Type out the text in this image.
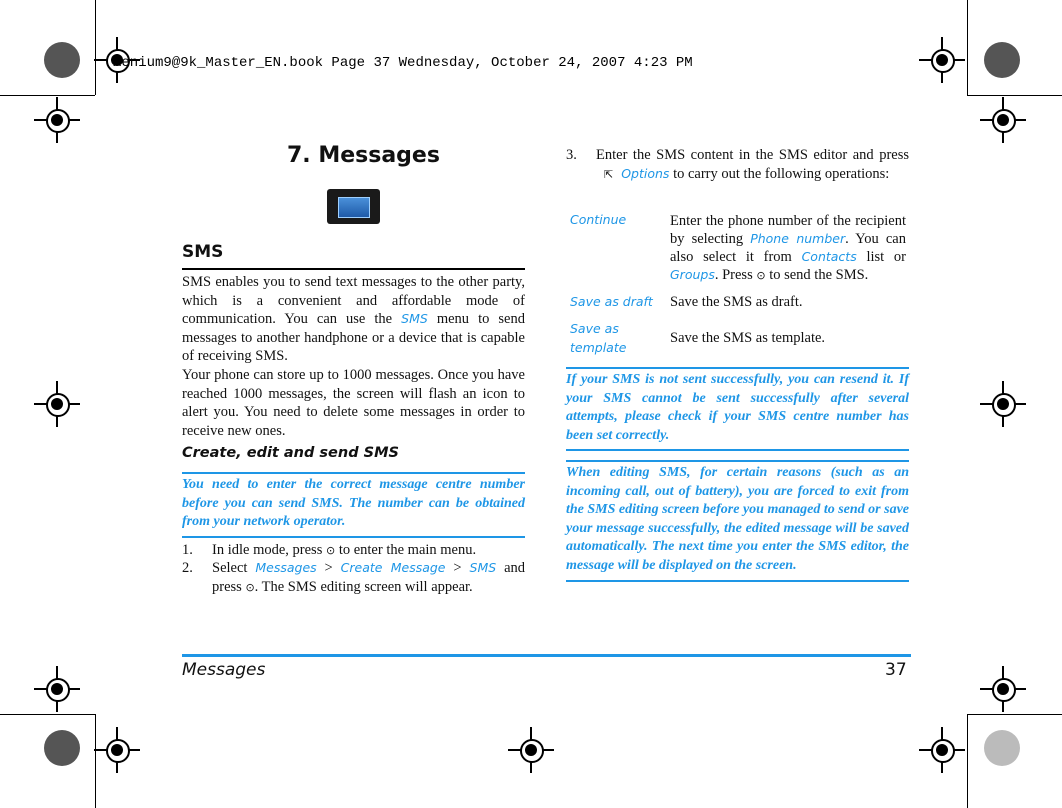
Xenium9@9k_Master_EN.book Page 37 Wednesday, October 24, 2007 4:23 PM
7. Messages
SMS
SMS enables you to send text messages to the other party, which is a convenient and affordable mode of communication. You can use the SMS menu to send messages to another handphone or a device that is capable of receiving SMS.
Your phone can store up to 1000 messages. Once you have reached 1000 messages, the screen will flash an icon to alert you. You need to delete some messages in order to receive new ones.
Create, edit and send SMS
You need to enter the correct message centre number before you can send SMS. The number can be obtained from your network operator.
1. In idle mode, press ⊙ to enter the main menu.
2. Select Messages > Create Message > SMS and press ⊙. The SMS editing screen will appear.
3. Enter the SMS content in the SMS editor and press ⇱ Options to carry out the following operations:
Continue	Enter the phone number of the recipient by selecting Phone number. You can also select it from Contacts list or Groups. Press ⊙ to send the SMS.
Save as draft Save the SMS as draft.
Save as template
Save the SMS as template.
If your SMS is not sent successfully, you can resend it. If your SMS cannot be sent successfully after several attempts, please check if your SMS centre number has been set correctly.
When editing SMS, for certain reasons (such as an incoming call, out of battery), you are forced to exit from the SMS editing screen before you managed to send or save your message successfully, the edited message will be saved automatically. The next time you enter the SMS editor, the message will be displayed on the screen.
Messages	37
